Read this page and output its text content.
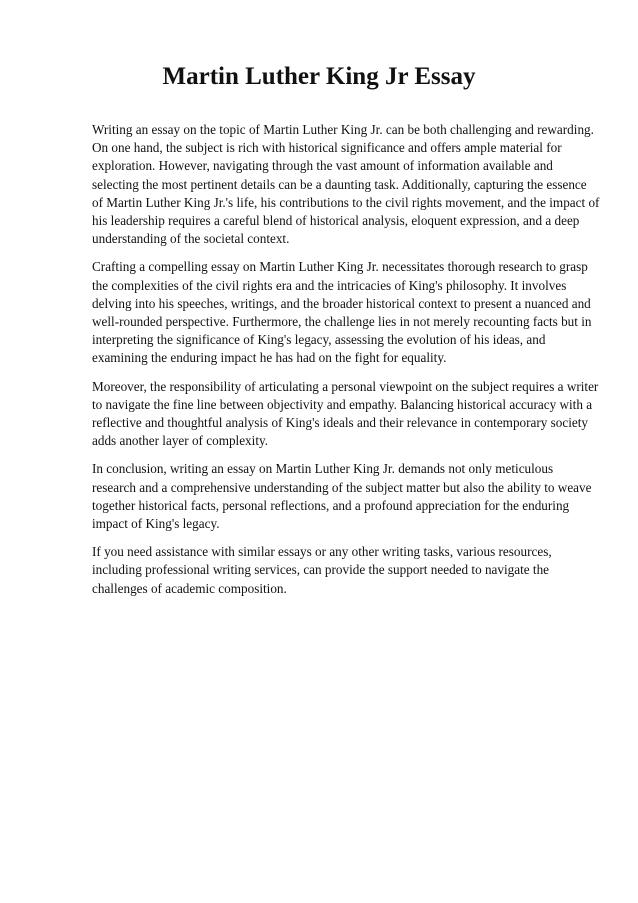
Martin Luther King Jr Essay

Writing an essay on the topic of Martin Luther King Jr. can be both challenging and rewarding. On one hand, the subject is rich with historical significance and offers ample material for exploration. However, navigating through the vast amount of information available and selecting the most pertinent details can be a daunting task. Additionally, capturing the essence of Martin Luther King Jr.'s life, his contributions to the civil rights movement, and the impact of his leadership requires a careful blend of historical analysis, eloquent expression, and a deep understanding of the societal context.

Crafting a compelling essay on Martin Luther King Jr. necessitates thorough research to grasp the complexities of the civil rights era and the intricacies of King's philosophy. It involves delving into his speeches, writings, and the broader historical context to present a nuanced and well-rounded perspective. Furthermore, the challenge lies in not merely recounting facts but in interpreting the significance of King's legacy, assessing the evolution of his ideas, and examining the enduring impact he has had on the fight for equality.

Moreover, the responsibility of articulating a personal viewpoint on the subject requires a writer to navigate the fine line between objectivity and empathy. Balancing historical accuracy with a reflective and thoughtful analysis of King's ideals and their relevance in contemporary society adds another layer of complexity.

In conclusion, writing an essay on Martin Luther King Jr. demands not only meticulous research and a comprehensive understanding of the subject matter but also the ability to weave together historical facts, personal reflections, and a profound appreciation for the enduring impact of King's legacy.

If you need assistance with similar essays or any other writing tasks, various resources, including professional writing services, can provide the support needed to navigate the challenges of academic composition.
